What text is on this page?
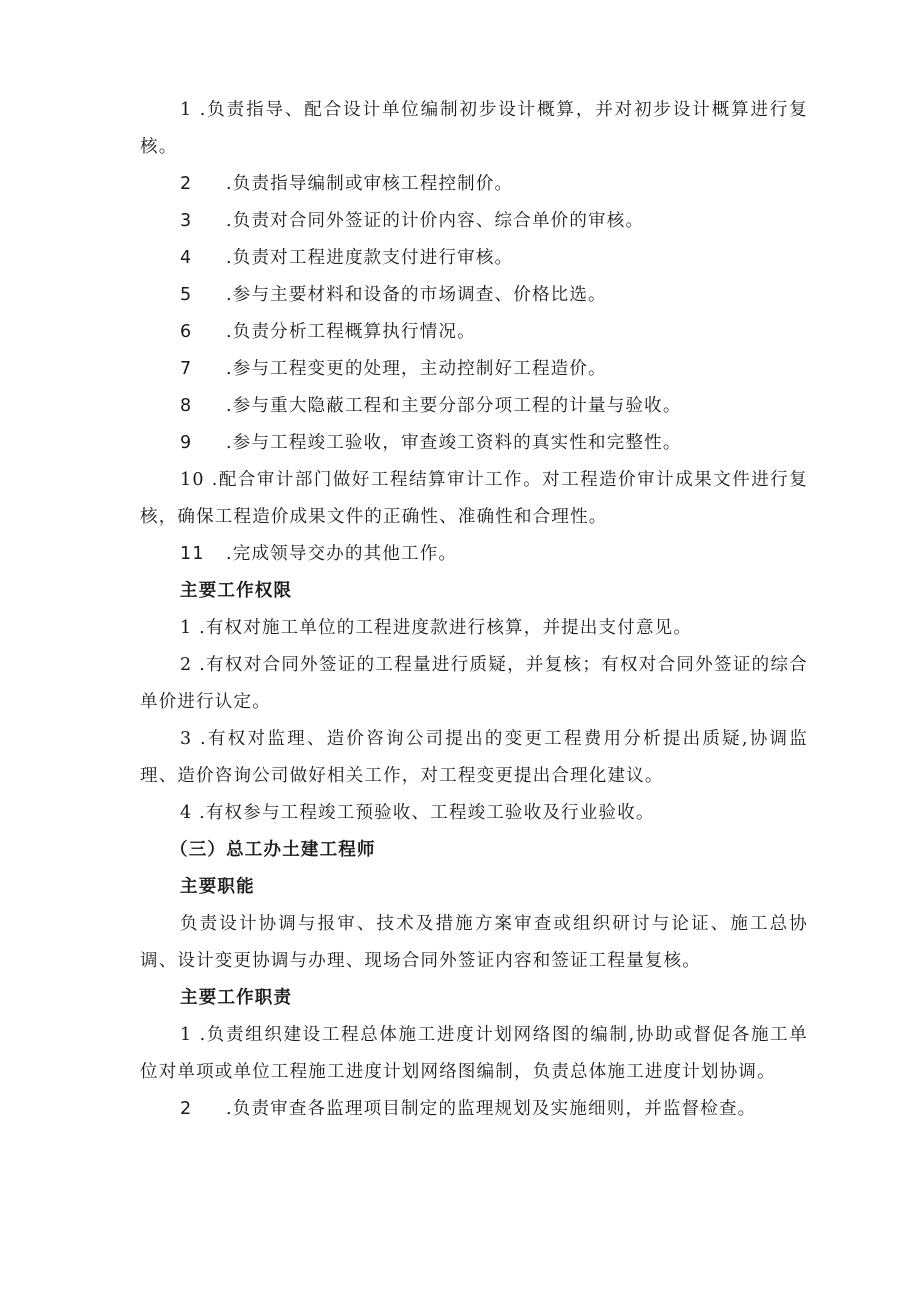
1 .负责指导、配合设计单位编制初步设计概算，并对初步设计概算进行复核。

2	.负责指导编制或审核工程控制价。
3	.负责对合同外签证的计价内容、综合单价的审核。
4	.负责对工程进度款支付进行审核。
5	.参与主要材料和设备的市场调查、价格比选。
6	.负责分析工程概算执行情况。
7	.参与工程变更的处理，主动控制好工程造价。
8	.参与重大隐蔽工程和主要分部分项工程的计量与验收。
9	.参与工程竣工验收，审查竣工资料的真实性和完整性。

10 .配合审计部门做好工程结算审计工作。对工程造价审计成果文件进行复核，确保工程造价成果文件的正确性、准确性和合理性。

11	.完成领导交办的其他工作。

主要工作权限

1 .有权对施工单位的工程进度款进行核算，并提出支付意见。

2 .有权对合同外签证的工程量进行质疑，并复核；有权对合同外签证的综合单价进行认定。

3 .有权对监理、造价咨询公司提出的变更工程费用分析提出质疑,协调监理、造价咨询公司做好相关工作，对工程变更提出合理化建议。

4 .有权参与工程竣工预验收、工程竣工验收及行业验收。

（三）总工办土建工程师

主要职能

负责设计协调与报审、技术及措施方案审查或组织研讨与论证、施工总协调、设计变更协调与办理、现场合同外签证内容和签证工程量复核。

主要工作职责

1 .负责组织建设工程总体施工进度计划网络图的编制,协助或督促各施工单位对单项或单位工程施工进度计划网络图编制，负责总体施工进度计划协调。

2	.负责审查各监理项目制定的监理规划及实施细则，并监督检查。
